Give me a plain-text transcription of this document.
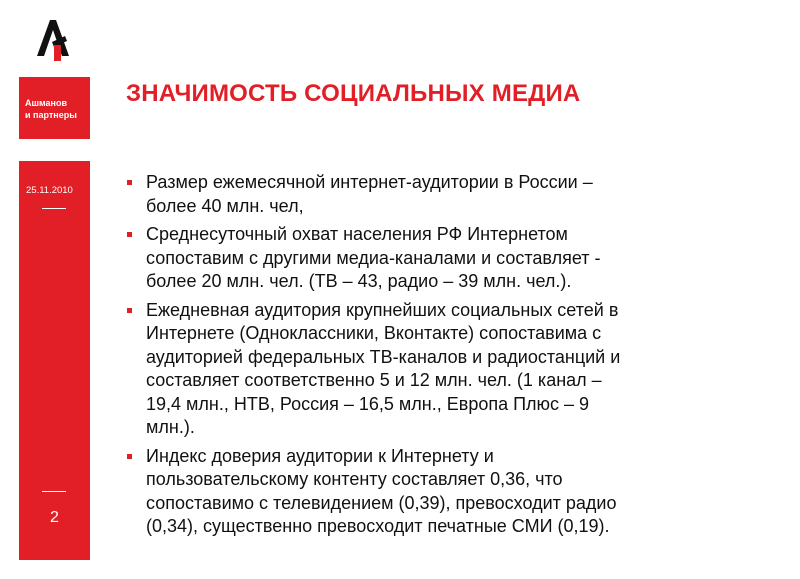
Ашманов
и партнеры
25.11.2010
2
ЗНАЧИМОСТЬ СОЦИАЛЬНЫХ МЕДИА
Размер ежемесячной интернет-аудитории в России –
более 40 млн. чел,
Среднесуточный охват населения РФ Интернетом
сопоставим с другими медиа-каналами и составляет -
более 20 млн. чел. (ТВ – 43, радио – 39 млн. чел.).
Ежедневная аудитория крупнейших социальных сетей в
Интернете (Одноклассники, Вконтакте) сопоставима с
аудиторией федеральных ТВ-каналов и радиостанций и
составляет соответственно 5 и 12 млн. чел. (1 канал –
19,4 млн., НТВ, Россия – 16,5 млн., Европа Плюс – 9
млн.).
Индекс доверия аудитории к Интернету и
пользовательскому контенту составляет 0,36, что
сопоставимо с телевидением (0,39), превосходит радио
(0,34), существенно превосходит печатные СМИ (0,19).
